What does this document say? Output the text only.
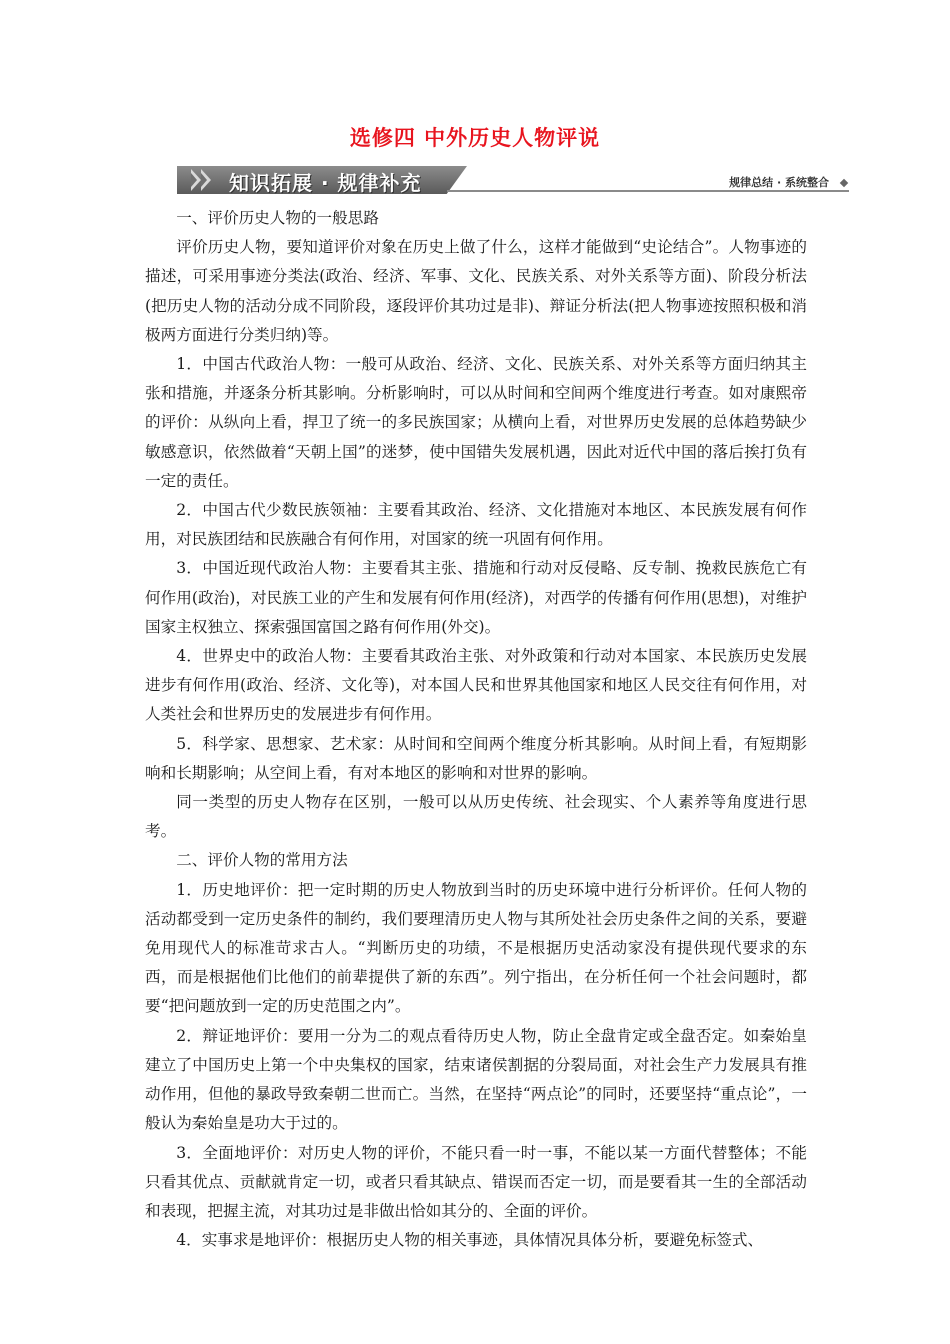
选修四 中外历史人物评说
知识拓展 · 规律补充	规律总结 · 系统整合

一、评价历史人物的一般思路

评价历史人物，要知道评价对象在历史上做了什么，这样才能做到“史论结合”。人物事迹的描述，可采用事迹分类法(政治、经济、军事、文化、民族关系、对外关系等方面)、阶段分析法(把历史人物的活动分成不同阶段，逐段评价其功过是非)、辩证分析法(把人物事迹按照积极和消极两方面进行分类归纳)等。

1．中国古代政治人物：一般可从政治、经济、文化、民族关系、对外关系等方面归纳其主张和措施，并逐条分析其影响。分析影响时，可以从时间和空间两个维度进行考查。如对康熙帝的评价：从纵向上看，捍卫了统一的多民族国家；从横向上看，对世界历史发展的总体趋势缺少敏感意识，依然做着“天朝上国”的迷梦，使中国错失发展机遇，因此对近代中国的落后挨打负有一定的责任。

2．中国古代少数民族领袖：主要看其政治、经济、文化措施对本地区、本民族发展有何作用，对民族团结和民族融合有何作用，对国家的统一巩固有何作用。

3．中国近现代政治人物：主要看其主张、措施和行动对反侵略、反专制、挽救民族危亡有何作用(政治)，对民族工业的产生和发展有何作用(经济)，对西学的传播有何作用(思想)，对维护国家主权独立、探索强国富国之路有何作用(外交)。

4．世界史中的政治人物：主要看其政治主张、对外政策和行动对本国家、本民族历史发展进步有何作用(政治、经济、文化等)，对本国人民和世界其他国家和地区人民交往有何作用，对人类社会和世界历史的发展进步有何作用。

5．科学家、思想家、艺术家：从时间和空间两个维度分析其影响。从时间上看，有短期影响和长期影响；从空间上看，有对本地区的影响和对世界的影响。

同一类型的历史人物存在区别，一般可以从历史传统、社会现实、个人素养等角度进行思考。

二、评价人物的常用方法

1．历史地评价：把一定时期的历史人物放到当时的历史环境中进行分析评价。任何人物的活动都受到一定历史条件的制约，我们要理清历史人物与其所处社会历史条件之间的关系，要避免用现代人的标准苛求古人。“判断历史的功绩，不是根据历史活动家没有提供现代要求的东西，而是根据他们比他们的前辈提供了新的东西”。列宁指出，在分析任何一个社会问题时，都要“把问题放到一定的历史范围之内”。

2．辩证地评价：要用一分为二的观点看待历史人物，防止全盘肯定或全盘否定。如秦始皇建立了中国历史上第一个中央集权的国家，结束诸侯割据的分裂局面，对社会生产力发展具有推动作用，但他的暴政导致秦朝二世而亡。当然，在坚持“两点论”的同时，还要坚持“重点论”，一般认为秦始皇是功大于过的。

3．全面地评价：对历史人物的评价，不能只看一时一事，不能以某一方面代替整体；不能只看其优点、贡献就肯定一切，或者只看其缺点、错误而否定一切，而是要看其一生的全部活动和表现，把握主流，对其功过是非做出恰如其分的、全面的评价。

4．实事求是地评价：根据历史人物的相关事迹，具体情况具体分析，要避免标签式、
